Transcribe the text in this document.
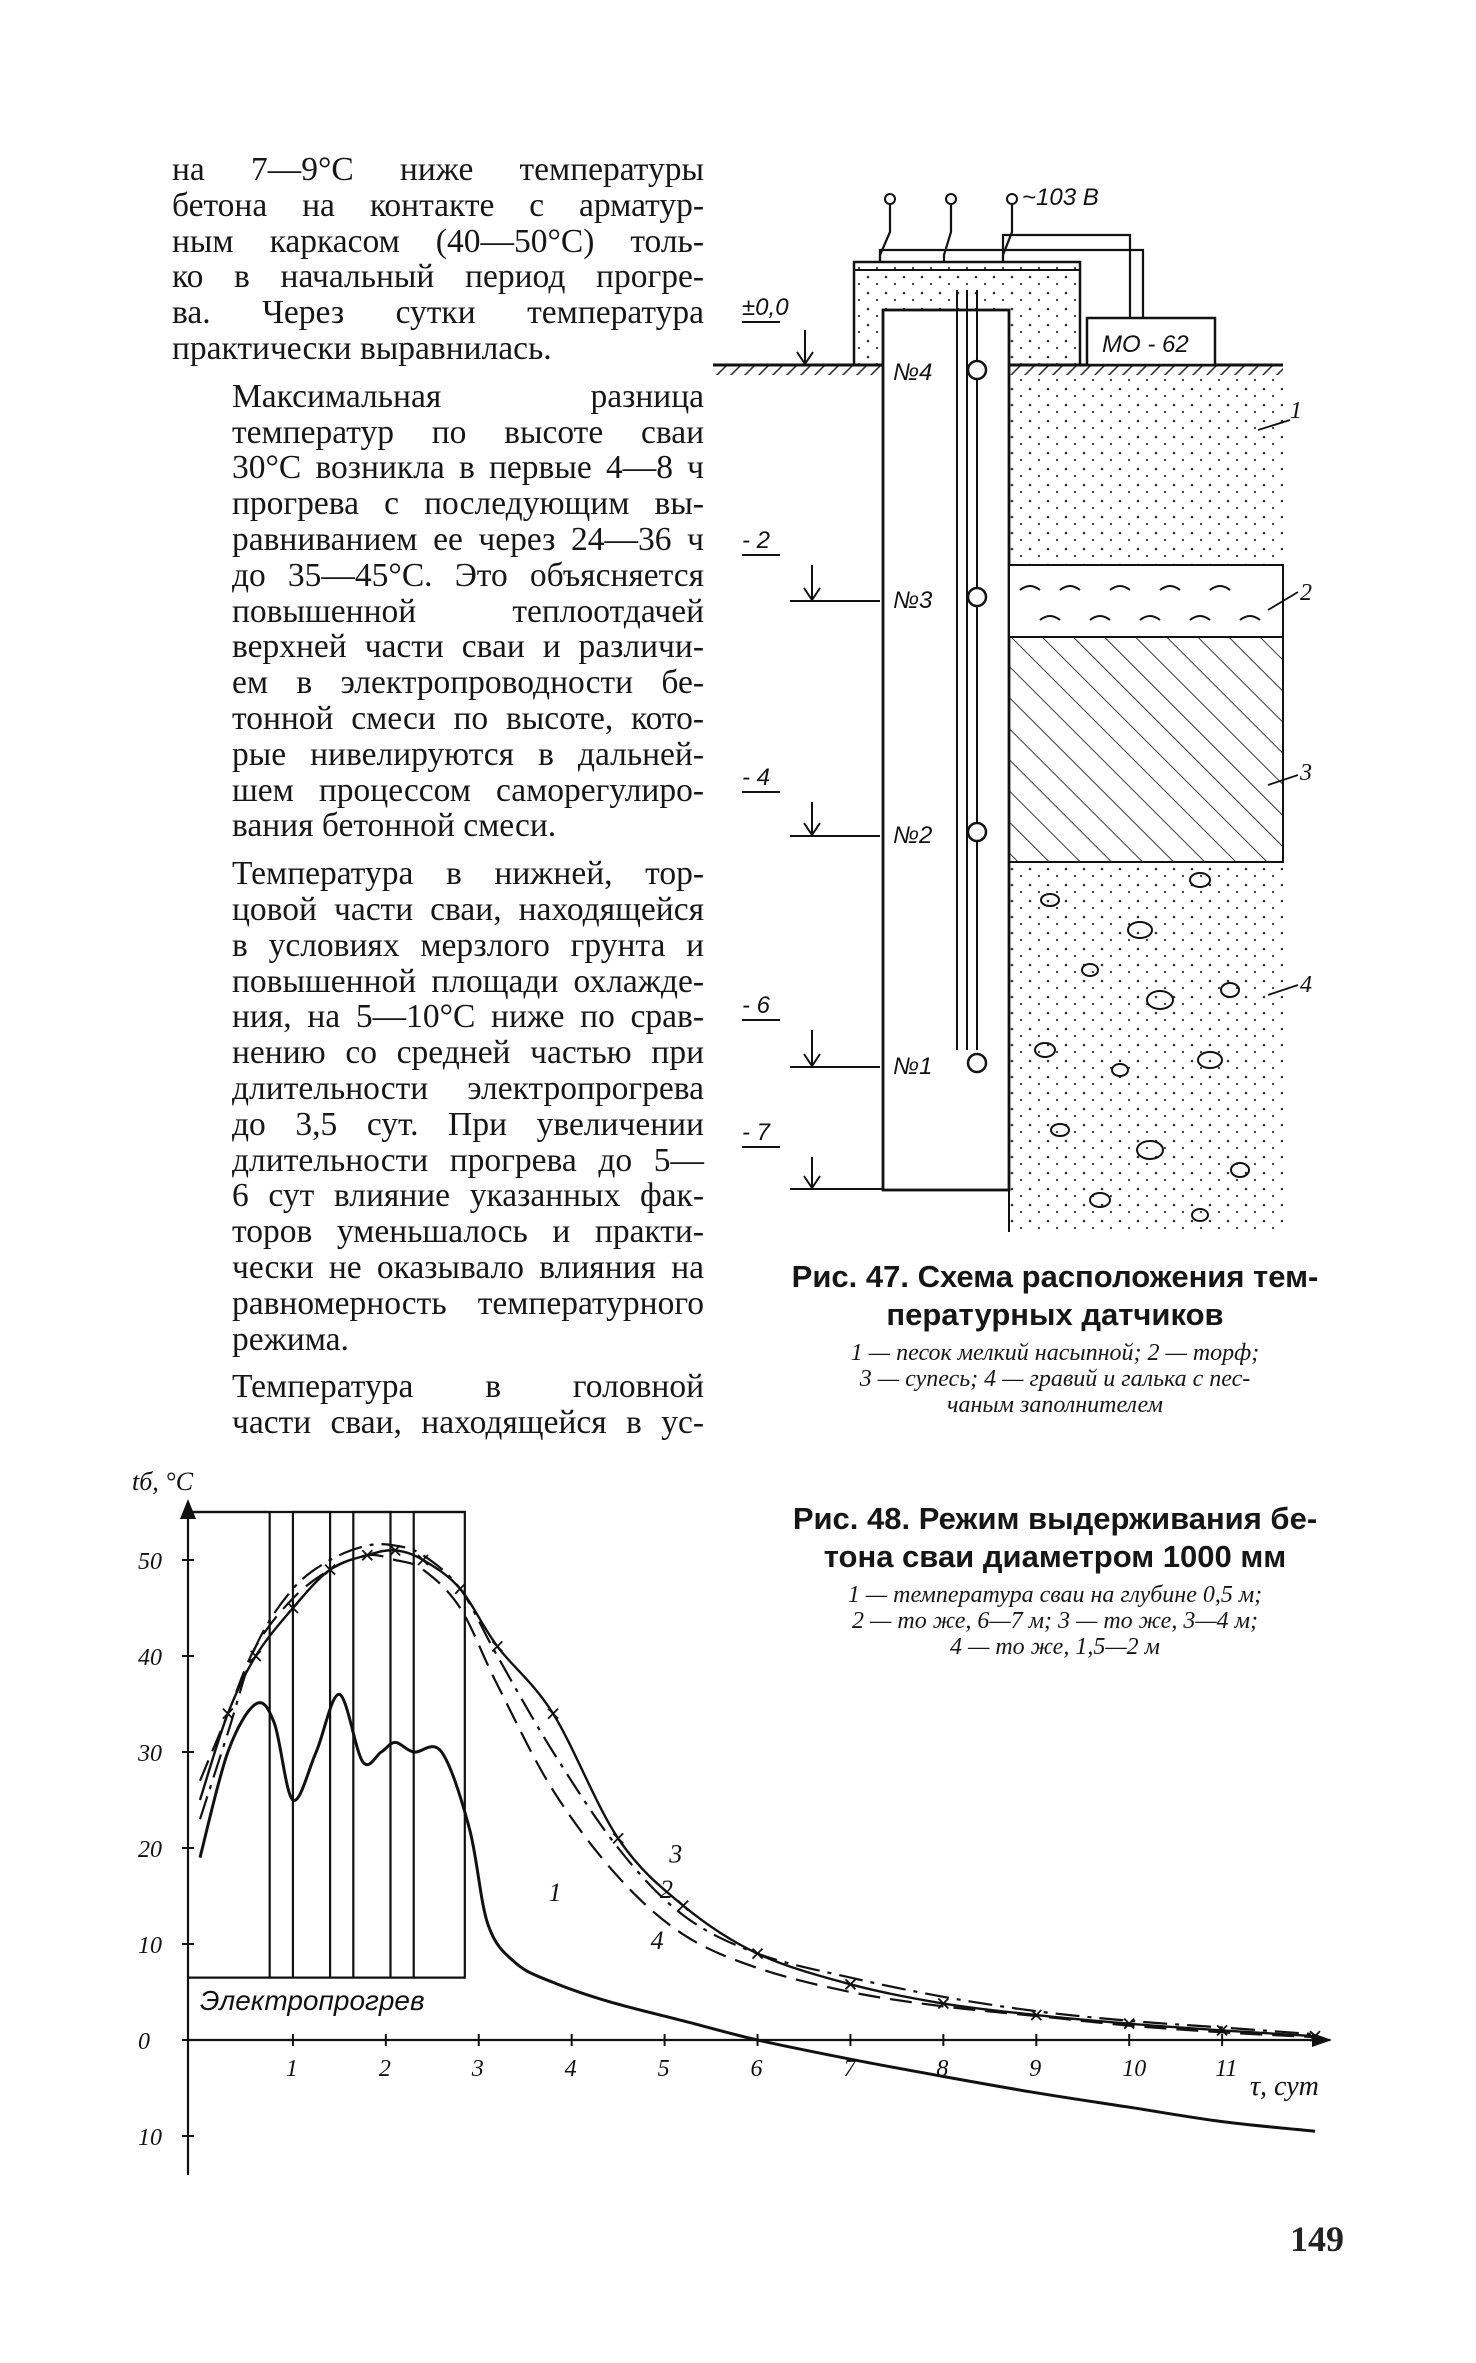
на 7—9°C ниже температуры
бетона на контакте с арматур-
ным каркасом (40—50°C) толь-
ко в начальный период прогре-
ва. Через сутки температура
практически выравнилась.

Максимальная разница
температур по высоте сваи
30°C возникла в первые 4—8 ч
прогрева с последующим вы-
равниванием ее через 24—36 ч
до 35—45°C. Это объясняется
повышенной теплоотдачей
верхней части сваи и различи-
ем в электропроводности бе-
тонной смеси по высоте, кото-
рые нивелируются в дальней-
шем процессом саморегулиро-
вания бетонной смеси.

Температура в нижней, тор-
цовой части сваи, находящейся
в условиях мерзлого грунта и
повышенной площади охлажде-
ния, на 5—10°C ниже по срав-
нению со средней частью при
длительности электропрогрева
до 3,5 сут. При увеличении
длительности прогрева до 5—
6 сут влияние указанных фак-
торов уменьшалось и практи-
чески не оказывало влияния на
равномерность температурного
режима.

Температура в головной
части сваи, находящейся в ус-

МО - 62
~103 В
№4
№3
№2
№1
1
2
3
4
±0,0
- 2
- 4
- 6
- 7
Рис. 47. Схема расположения тем-
пературных датчиков
1 — песок мелкий насыпной; 2 — торф;
3 — супесь; 4 — гравий и галька с пес-
чаным заполнителем
Рис. 48. Режим выдерживания бе-
тона сваи диаметром 1000 мм
1 — температура сваи на глубине 0,5 м;
2 — то же, 6—7 м; 3 — то же, 3—4 м;
4 — то же, 1,5—2 м
50
40
30
20
10
0
10
1	2	3	4	5	6	7	8	9	10	11
1	2
3
4
Электропрогрев
tб, °C
τ, сут
149
